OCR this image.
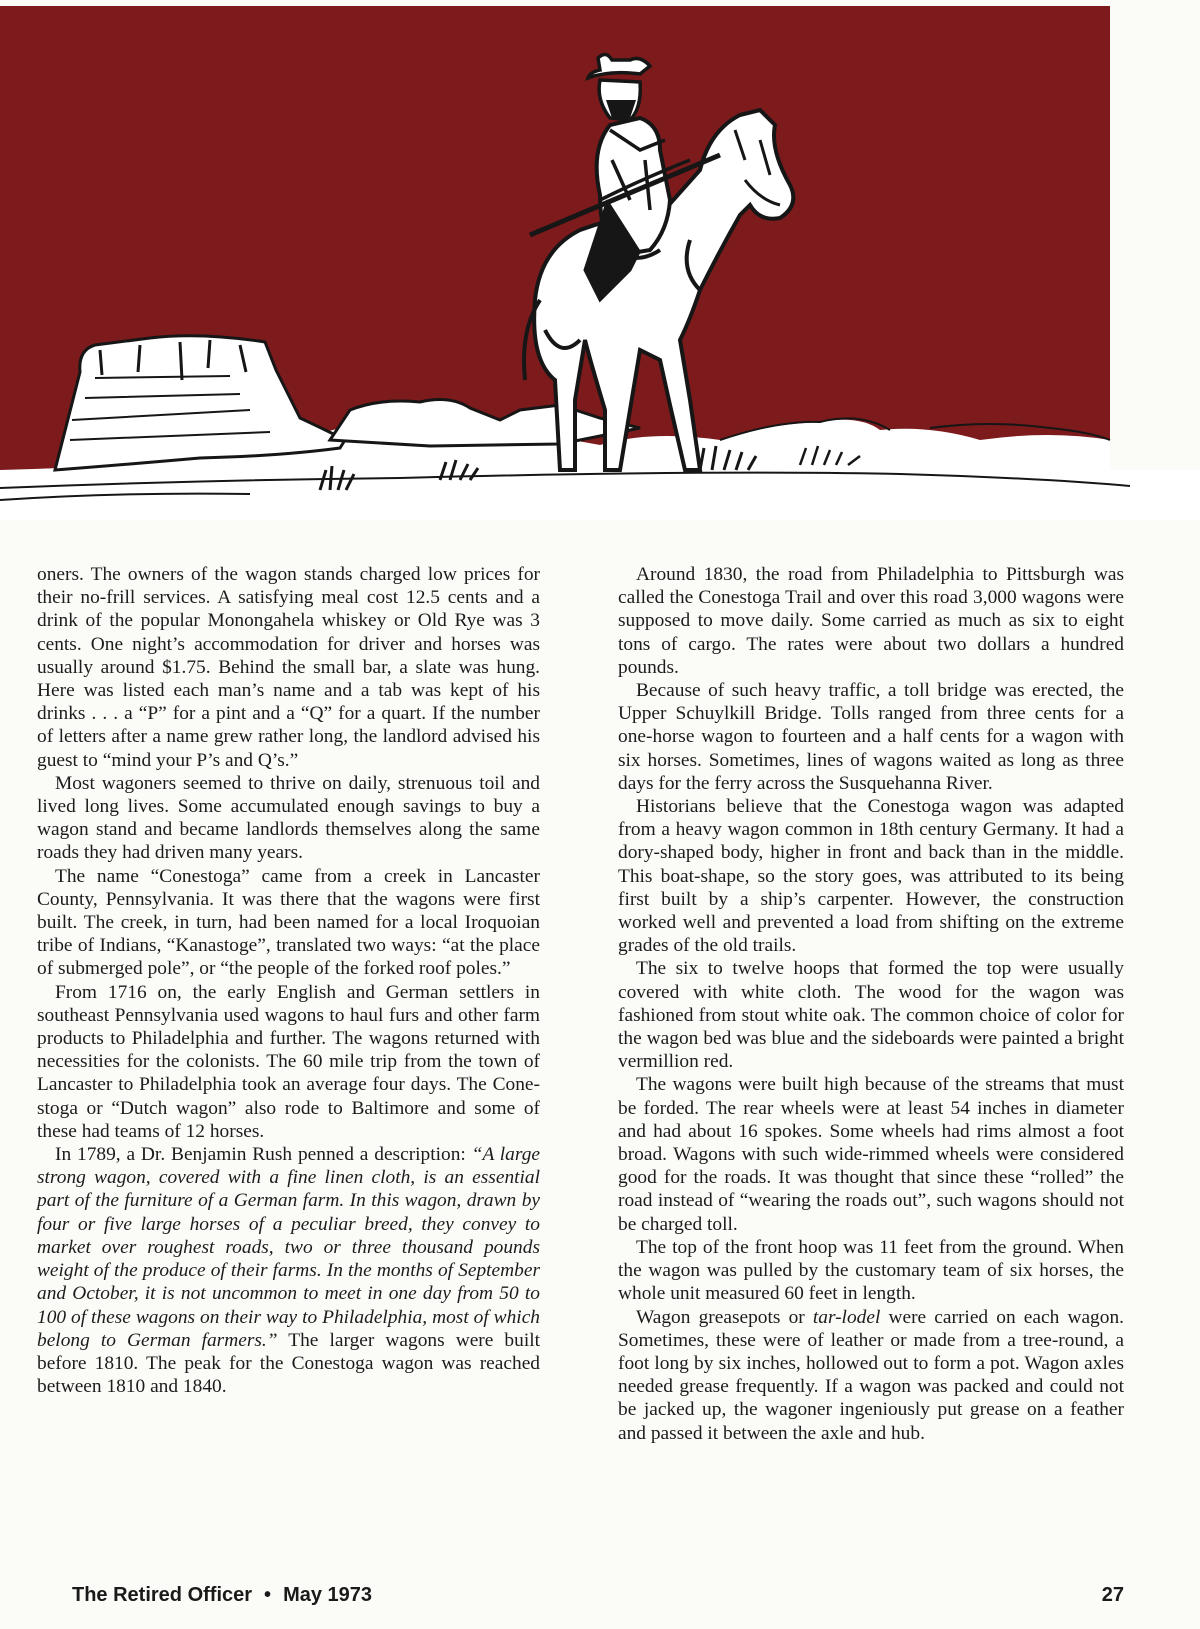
oners. The owners of the wagon stands charged low prices for their no-frill services. A satisfying meal cost 12.5 cents and a drink of the popular Monongahela whiskey or Old Rye was 3 cents. One night’s accommodation for driver and horses was usually around $1.75. Behind the small bar, a slate was hung. Here was listed each man’s name and a tab was kept of his drinks . . . a “P” for a pint and a “Q” for a quart. If the number of letters after a name grew rather long, the landlord advised his guest to “mind your P’s and Q’s.”

Most wagoners seemed to thrive on daily, strenuous toil and lived long lives. Some accumulated enough savings to buy a wagon stand and became landlords themselves along the same roads they had driven many years.

The name “Conestoga” came from a creek in Lancaster County, Pennsylvania. It was there that the wagons were first built. The creek, in turn, had been named for a local Iroquoian tribe of Indians, “Kanastoge”, translated two ways: “at the place of submerged pole”, or “the people of the forked roof poles.”

From 1716 on, the early English and German settlers in southeast Pennsylvania used wagons to haul furs and other farm products to Philadelphia and further. The wagons returned with necessities for the colonists. The 60 mile trip from the town of Lancaster to Philadelphia took an average four days. The Conestoga or “Dutch wagon” also rode to Baltimore and some of these had teams of 12 horses.

In 1789, a Dr. Benjamin Rush penned a description: “A large strong wagon, covered with a fine linen cloth, is an essential part of the furniture of a German farm. In this wagon, drawn by four or five large horses of a peculiar breed, they convey to market over roughest roads, two or three thousand pounds weight of the produce of their farms. In the months of September and October, it is not uncommon to meet in one day from 50 to 100 of these wagons on their way to Philadelphia, most of which belong to German farmers.” The larger wagons were built before 1810. The peak for the Conestoga wagon was reached between 1810 and 1840.

Around 1830, the road from Philadelphia to Pittsburgh was called the Conestoga Trail and over this road 3,000 wagons were supposed to move daily. Some carried as much as six to eight tons of cargo. The rates were about two dollars a hundred pounds.

Because of such heavy traffic, a toll bridge was erected, the Upper Schuylkill Bridge. Tolls ranged from three cents for a one-horse wagon to fourteen and a half cents for a wagon with six horses. Sometimes, lines of wagons waited as long as three days for the ferry across the Susquehanna River.

Historians believe that the Conestoga wagon was adapted from a heavy wagon common in 18th century Germany. It had a dory-shaped body, higher in front and back than in the middle. This boat-shape, so the story goes, was attributed to its being first built by a ship’s carpenter. However, the construction worked well and prevented a load from shifting on the extreme grades of the old trails.

The six to twelve hoops that formed the top were usually covered with white cloth. The wood for the wagon was fashioned from stout white oak. The common choice of color for the wagon bed was blue and the sideboards were painted a bright vermillion red.

The wagons were built high because of the streams that must be forded. The rear wheels were at least 54 inches in diameter and had about 16 spokes. Some wheels had rims almost a foot broad. Wagons with such wide-rimmed wheels were considered good for the roads. It was thought that since these “rolled” the road instead of “wearing the roads out”, such wagons should not be charged toll.

The top of the front hoop was 11 feet from the ground. When the wagon was pulled by the customary team of six horses, the whole unit measured 60 feet in length.

Wagon greasepots or tar-lodel were carried on each wagon. Sometimes, these were of leather or made from a tree-round, a foot long by six inches, hollowed out to form a pot. Wagon axles needed grease frequently. If a wagon was packed and could not be jacked up, the wagoner ingeniously put grease on a feather and passed it between the axle and hub.

The Retired Officer • May 1973	27
